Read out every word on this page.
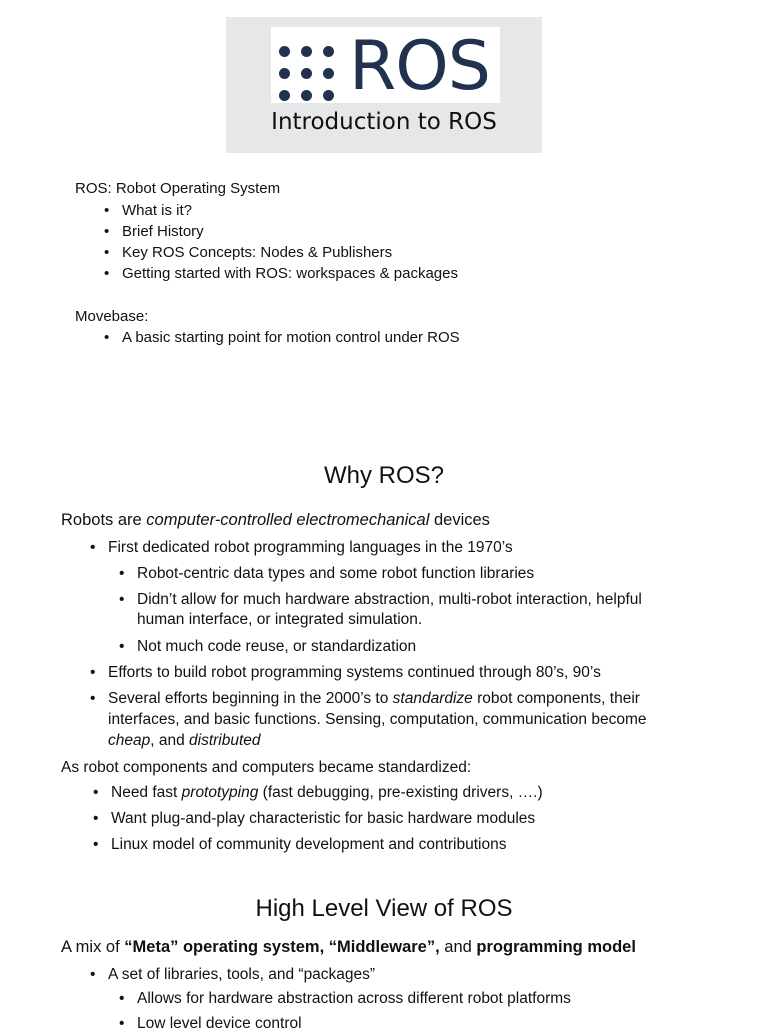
ROS
Introduction to ROS
ROS: Robot Operating System
• What is it?
• Brief History
• Key ROS Concepts: Nodes & Publishers
• Getting started with ROS: workspaces & packages
Movebase:
• A basic starting point for motion control under ROS
Why ROS?
Robots are computer-controlled electromechanical devices
• First dedicated robot programming languages in the 1970’s
• Robot-centric data types and some robot function libraries
• Didn’t allow for much hardware abstraction, multi-robot interaction, helpful
human interface, or integrated simulation.
• Not much code reuse, or standardization
• Efforts to build robot programming systems continued through 80’s, 90’s
• Several efforts beginning in the 2000’s to standardize robot components, their
interfaces, and basic functions. Sensing, computation, communication become
cheap, and distributed
As robot components and computers became standardized:
• Need fast prototyping (fast debugging, pre-existing drivers, ….)
• Want plug-and-play characteristic for basic hardware modules
• Linux model of community development and contributions
High Level View of ROS
A mix of “Meta” operating system, “Middleware”, and programming model
• A set of libraries, tools, and “packages”
• Allows for hardware abstraction across different robot platforms
• Low level device control
